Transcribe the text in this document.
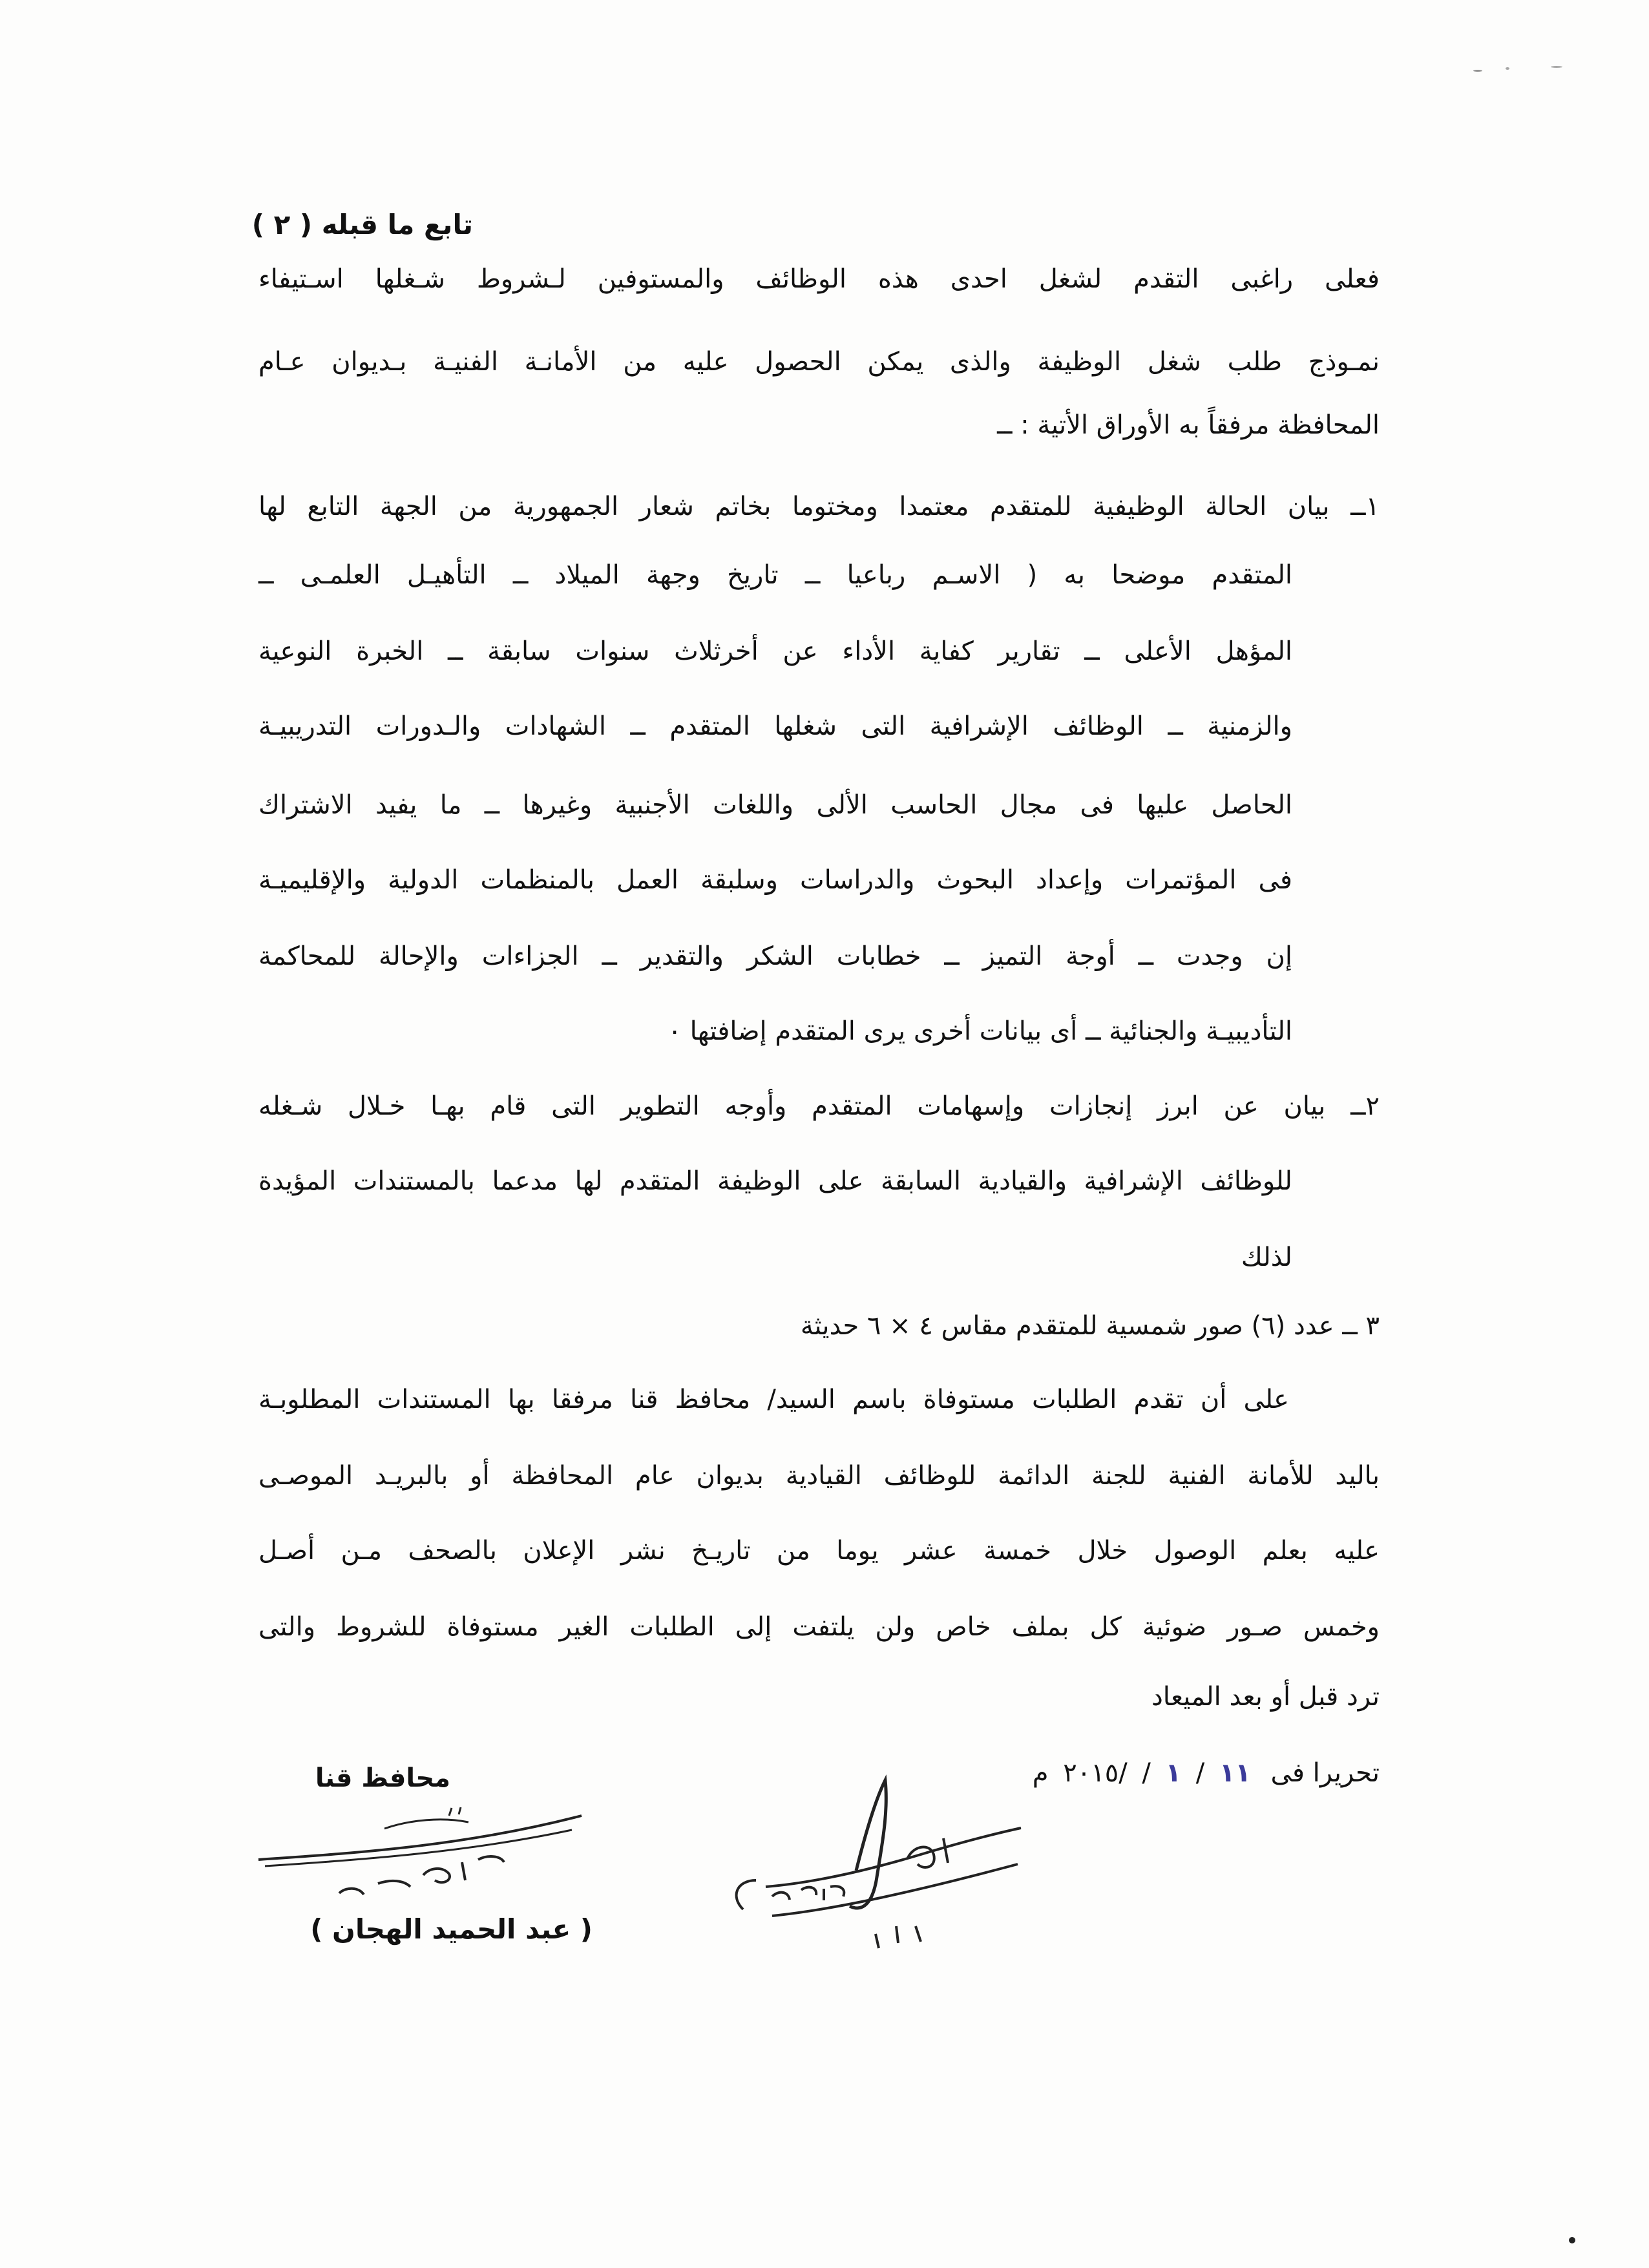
تابع ما قبله ( ٢ )
فعلى راغبى التقدم لشغل احدى هذه الوظائف والمستوفين لـشروط شـغلها اسـتيفاء
نمـوذج طلب شغل الوظيفة والذى يمكن الحصول عليه من الأمانـة الفنيـة بـديوان عـام
المحافظة مرفقاً به الأوراق الأتية : ــ
١ــ بيان الحالة الوظيفية للمتقدم معتمدا ومختوما بخاتم شعار الجمهورية من الجهة التابع لها
المتقدم موضحا به ( الاسـم رباعيا ــ تاريخ وجهة الميلاد ــ التأهيـل العلمـى ــ
المؤهل الأعلى ــ تقارير كفاية الأداء عن أخرثلاث سنوات سابقة ــ الخبرة النوعية
والزمنية ــ الوظائف الإشرافية التى شغلها المتقدم ــ الشهادات والـدورات التدريبيـة
الحاصل عليها فى مجال الحاسب الألى واللغات الأجنبية وغيرها ــ ما يفيد الاشتراك
فى المؤتمرات وإعداد البحوث والدراسات وسلبقة العمل بالمنظمات الدولية والإقليميـة
إن وجدت ــ أوجة التميز ــ خطابات الشكر والتقدير ــ الجزاءات والإحالة للمحاكمة
التأديبيـة والجنائية ــ أى بيانات أخرى يرى المتقدم إضافتها ٠
٢ــ بيان عن ابرز إنجازات وإسهامات المتقدم وأوجه التطوير التى قام بهـا خـلال شـغله
للوظائف الإشرافية والقيادية السابقة على الوظيفة المتقدم لها مدعما بالمستندات المؤيدة
لذلك
٣ ــ عدد (٦) صور شمسية للمتقدم مقاس ٤ × ٦ حديثة
على أن تقدم الطلبات مستوفاة باسم السيد/ محافظ قنا مرفقا بها المستندات المطلوبـة
باليد للأمانة الفنية للجنة الدائمة للوظائف القيادية بديوان عام المحافظة أو بالبريـد الموصـى
عليه بعلم الوصول خلال خمسة عشر يوما من تاريـخ نشر الإعلان بالصحف مـن أصـل
وخمس صـور ضوئية كل بملف خاص ولن يلتفت إلى الطلبات الغير مستوفاة للشروط والتى
ترد قبل أو بعد الميعاد
تحريرا فى ١١ / ١ / /٢٠١٥ م
محافظ قنا
( عبد الحميد الهجان )
